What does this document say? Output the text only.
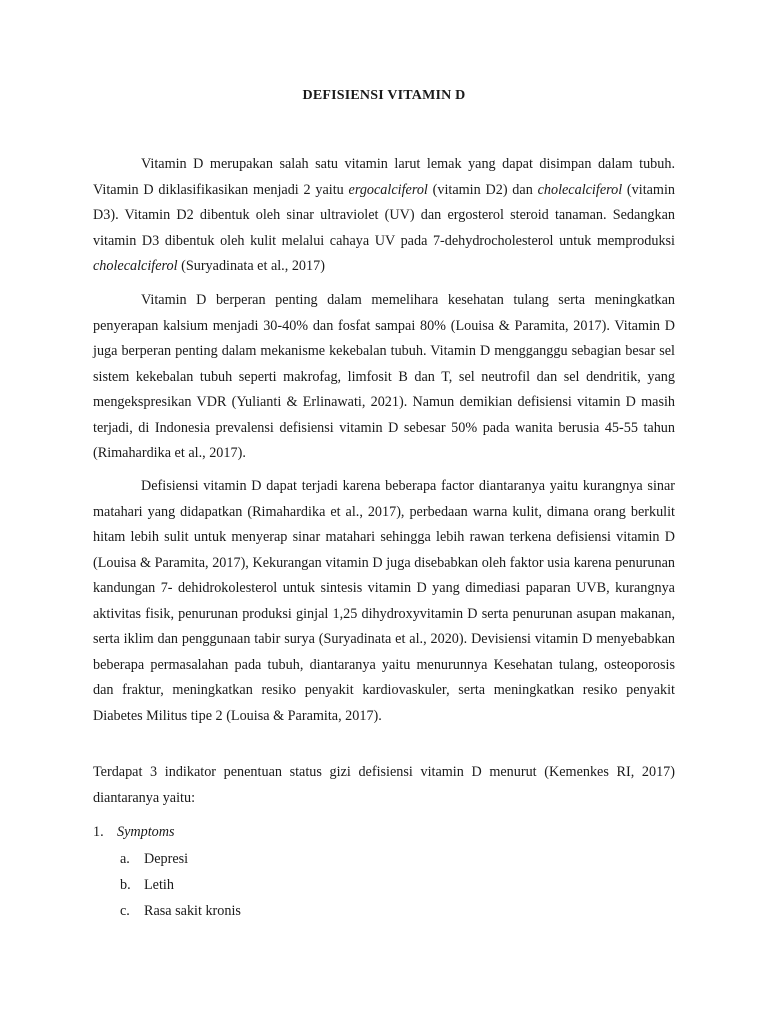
DEFISIENSI VITAMIN D

Vitamin D merupakan salah satu vitamin larut lemak yang dapat disimpan dalam tubuh. Vitamin D diklasifikasikan menjadi 2 yaitu ergocalciferol (vitamin D2) dan cholecalciferol (vitamin D3). Vitamin D2 dibentuk oleh sinar ultraviolet (UV) dan ergosterol steroid tanaman. Sedangkan vitamin D3 dibentuk oleh kulit melalui cahaya UV pada 7-dehydrocholesterol untuk memproduksi cholecalciferol (Suryadinata et al., 2017)

Vitamin D berperan penting dalam memelihara kesehatan tulang serta meningkatkan penyerapan kalsium menjadi 30-40% dan fosfat sampai 80% (Louisa & Paramita, 2017). Vitamin D juga berperan penting dalam mekanisme kekebalan tubuh. Vitamin D mengganggu sebagian besar sel sistem kekebalan tubuh seperti makrofag, limfosit B dan T, sel neutrofil dan sel dendritik, yang mengekspresikan VDR (Yulianti & Erlinawati, 2021). Namun demikian defisiensi vitamin D masih terjadi, di Indonesia prevalensi defisiensi vitamin D sebesar 50% pada wanita berusia 45-55 tahun (Rimahardika et al., 2017).

Defisiensi vitamin D dapat terjadi karena beberapa factor diantaranya yaitu kurangnya sinar matahari yang didapatkan (Rimahardika et al., 2017), perbedaan warna kulit, dimana orang berkulit hitam lebih sulit untuk menyerap sinar matahari sehingga lebih rawan terkena defisiensi vitamin D (Louisa & Paramita, 2017), Kekurangan vitamin D juga disebabkan oleh faktor usia karena penurunan kandungan 7- dehidrokolesterol untuk sintesis vitamin D yang dimediasi paparan UVB, kurangnya aktivitas fisik, penurunan produksi ginjal 1,25 dihydroxyvitamin D serta penurunan asupan makanan, serta iklim dan penggunaan tabir surya (Suryadinata et al., 2020). Devisiensi vitamin D menyebabkan beberapa permasalahan pada tubuh, diantaranya yaitu menurunnya Kesehatan tulang, osteoporosis dan fraktur, meningkatkan resiko penyakit kardiovaskuler, serta meningkatkan resiko penyakit Diabetes Militus tipe 2 (Louisa & Paramita, 2017).

Terdapat 3 indikator penentuan status gizi defisiensi vitamin D menurut (Kemenkes RI, 2017) diantaranya yaitu:

1. Symptoms
a. Depresi
b. Letih
c. Rasa sakit kronis
